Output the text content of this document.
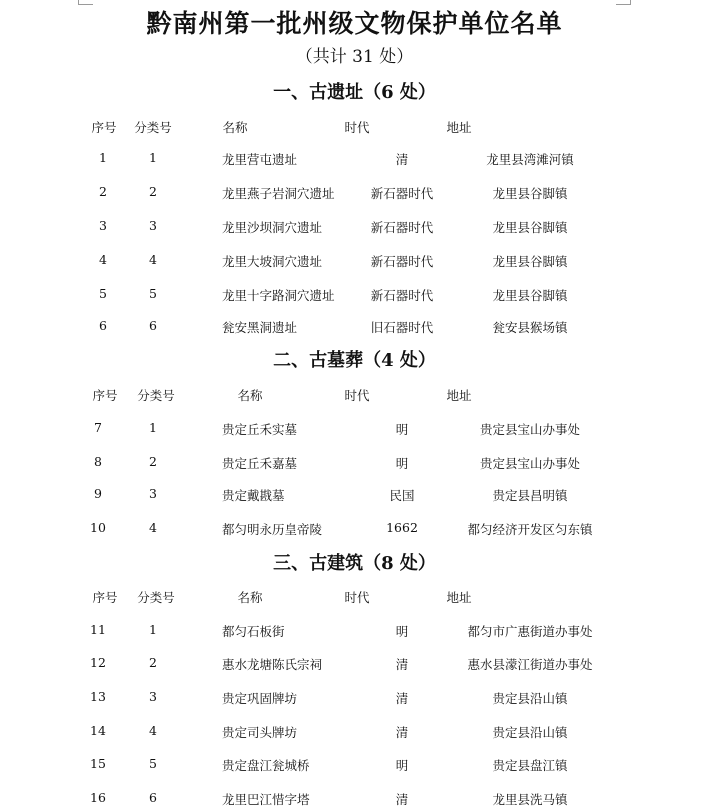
黔南州第一批州级文物保护单位名单
（共计 31 处）
一、古遗址（6 处）
序号 分类号	名称	时代	地址
1	1	龙里营屯遗址	清	龙里县湾滩河镇
2	2	龙里燕子岩洞穴遗址	新石器时代	龙里县谷脚镇
3	3	龙里沙坝洞穴遗址	新石器时代	龙里县谷脚镇
4	4	龙里大坡洞穴遗址	新石器时代	龙里县谷脚镇
5	5	龙里十字路洞穴遗址	新石器时代	龙里县谷脚镇
6	6	瓮安黑洞遗址	旧石器时代	瓮安县猴场镇
二、古墓葬（4 处）
序号 分类号	名称	时代	地址
7	1	贵定丘禾实墓	明	贵定县宝山办事处
8	2	贵定丘禾嘉墓	明	贵定县宝山办事处
9	3	贵定戴戡墓	民国	贵定县昌明镇
10	4	都匀明永历皇帝陵	1662	都匀经济开发区匀东镇
三、古建筑（8 处）
序号 分类号	名称	时代	地址
11	1	都匀石板街	明	都匀市广惠街道办事处
12	2	惠水龙塘陈氏宗祠	清	惠水县濛江街道办事处
13	3	贵定巩固牌坊	清	贵定县沿山镇
14	4	贵定司头牌坊	清	贵定县沿山镇
15	5	贵定盘江瓮城桥	明	贵定县盘江镇
16	6	龙里巴江惜字塔	清	龙里县洗马镇
